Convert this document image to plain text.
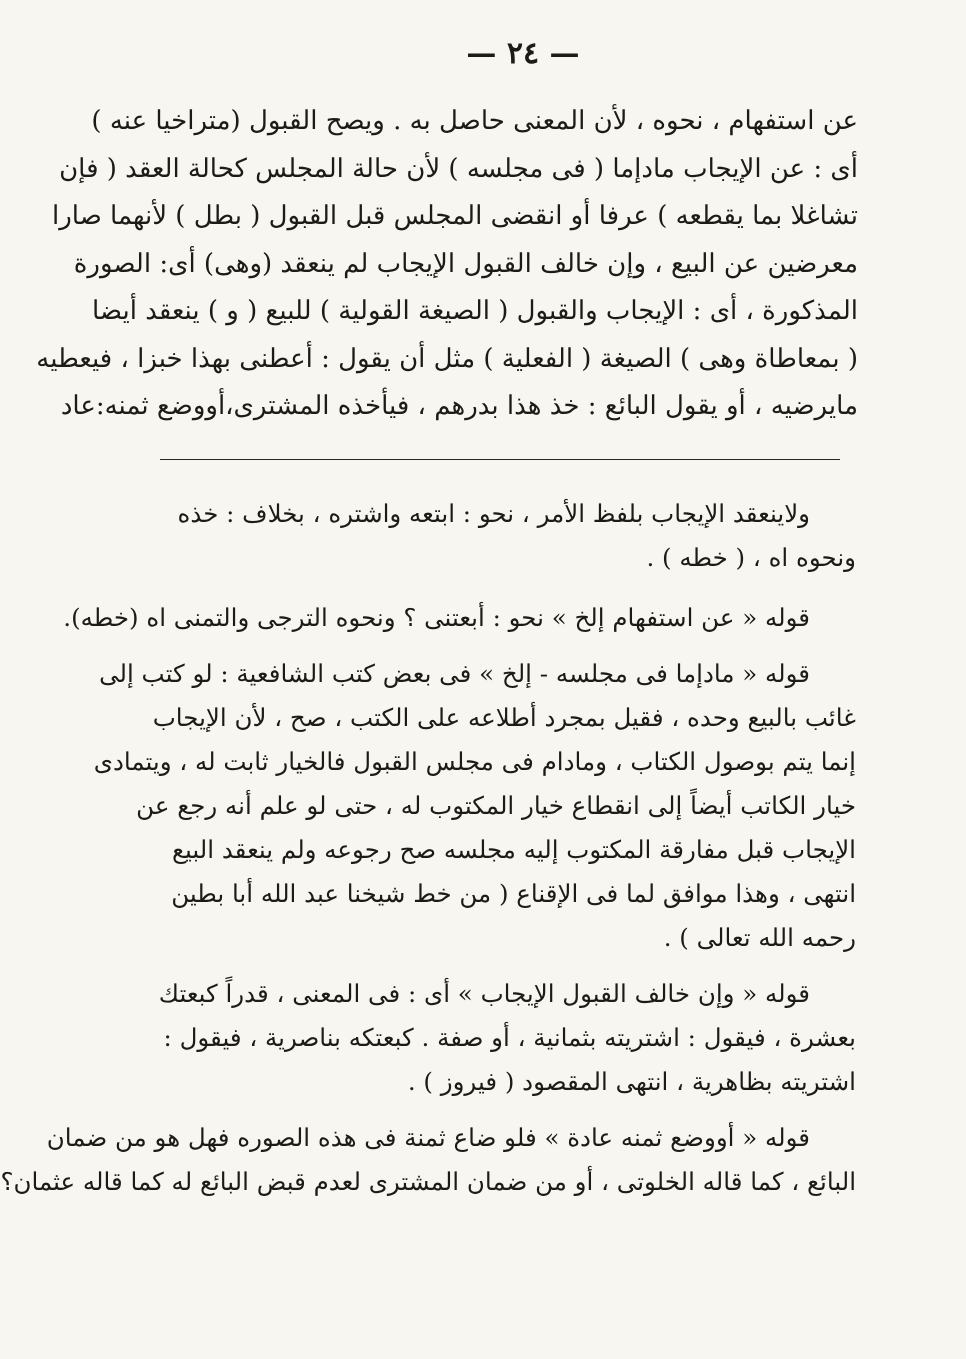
— ٢٤ —
عن استفهام ، نحوه ، لأن المعنى حاصل به . ويصح القبول (متراخيا عنه )
أى : عن الإيجاب مادإما ( فى مجلسه ) لأن حالة المجلس كحالة العقد ( فإن
تشاغلا بما يقطعه ) عرفا أو انقضى المجلس قبل القبول ( بطل ) لأنهما صارا
معرضين عن البيع ، وإن خالف القبول الإيجاب لم ينعقد (وهى) أى: الصورة
المذكورة ، أى : الإيجاب والقبول ( الصيغة القولية ) للبيع ( و ) ينعقد أيضا
( بمعاطاة وهى ) الصيغة ( الفعلية ) مثل أن يقول : أعطنى بهذا خبزا ، فيعطيه
مايرضيه ، أو يقول البائع : خذ هذا بدرهم ، فيأخذه المشترى،أووضع ثمنه:عاد
ولاينعقد الإيجاب بلفظ الأمر ، نحو : ابتعه واشتره ، بخلاف : خذه
ونحوه اه ، ( خطه ) .
قوله « عن استفهام إلخ » نحو : أبعتنى ؟ ونحوه الترجى والتمنى اه (خطه).
قوله « مادإما فى مجلسه - إلخ » فى بعض كتب الشافعية : لو كتب إلى
غائب بالبيع وحده ، فقيل بمجرد أطلاعه على الكتب ، صح ، لأن الإيجاب
إنما يتم بوصول الكتاب ، ومادام فى مجلس القبول فالخيار ثابت له ، ويتمادى
خيار الكاتب أيضاً إلى انقطاع خيار المكتوب له ، حتى لو علم أنه رجع عن
الإيجاب قبل مفارقة المكتوب إليه مجلسه صح رجوعه ولم ينعقد البيع
انتهى ، وهذا موافق لما فى الإقناع ( من خط شيخنا عبد الله أبا بطين
رحمه الله تعالى ) .
قوله « وإن خالف القبول الإيجاب » أى : فى المعنى ، قدراً كبعتك
بعشرة ، فيقول : اشتريته بثمانية ، أو صفة . كبعتكه بناصرية ، فيقول :
اشتريته بظاهرية ، انتهى المقصود ( فيروز ) .
قوله « أووضع ثمنه عادة » فلو ضاع ثمنة فى هذه الصوره فهل هو من ضمان
البائع ، كما قاله الخلوتى ، أو من ضمان المشترى لعدم قبض البائع له كما قاله عثمان؟
